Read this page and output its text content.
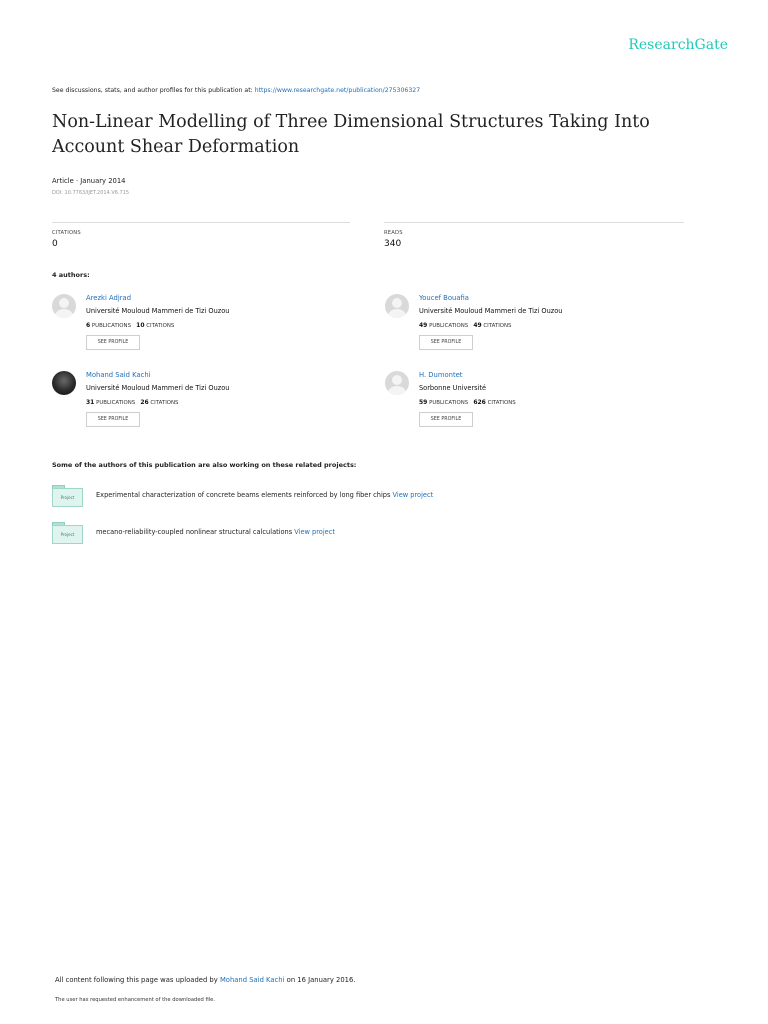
ResearchGate
See discussions, stats, and author profiles for this publication at: https://www.researchgate.net/publication/275306327
Non-Linear Modelling of Three Dimensional Structures Taking Into Account Shear Deformation
Article · January 2014
DOI: 10.7763/IJET.2014.V6.715
CITATIONS
0
READS
340
4 authors:
Arezki Adjrad
Université Mouloud Mammeri de Tizi Ouzou
6 PUBLICATIONS 10 CITATIONS
SEE PROFILE
Youcef Bouafia
Université Mouloud Mammeri de Tizi Ouzou
49 PUBLICATIONS 49 CITATIONS
SEE PROFILE
Mohand Said Kachi
Université Mouloud Mammeri de Tizi Ouzou
31 PUBLICATIONS 26 CITATIONS
SEE PROFILE
H. Dumontet
Sorbonne Université
59 PUBLICATIONS 626 CITATIONS
SEE PROFILE
Some of the authors of this publication are also working on these related projects:
Project	Experimental characterization of concrete beams elements reinforced by long fiber chips View project
Project	mecano-reliability-coupled nonlinear structural calculations View project
All content following this page was uploaded by Mohand Said Kachi on 16 January 2016.
The user has requested enhancement of the downloaded file.
